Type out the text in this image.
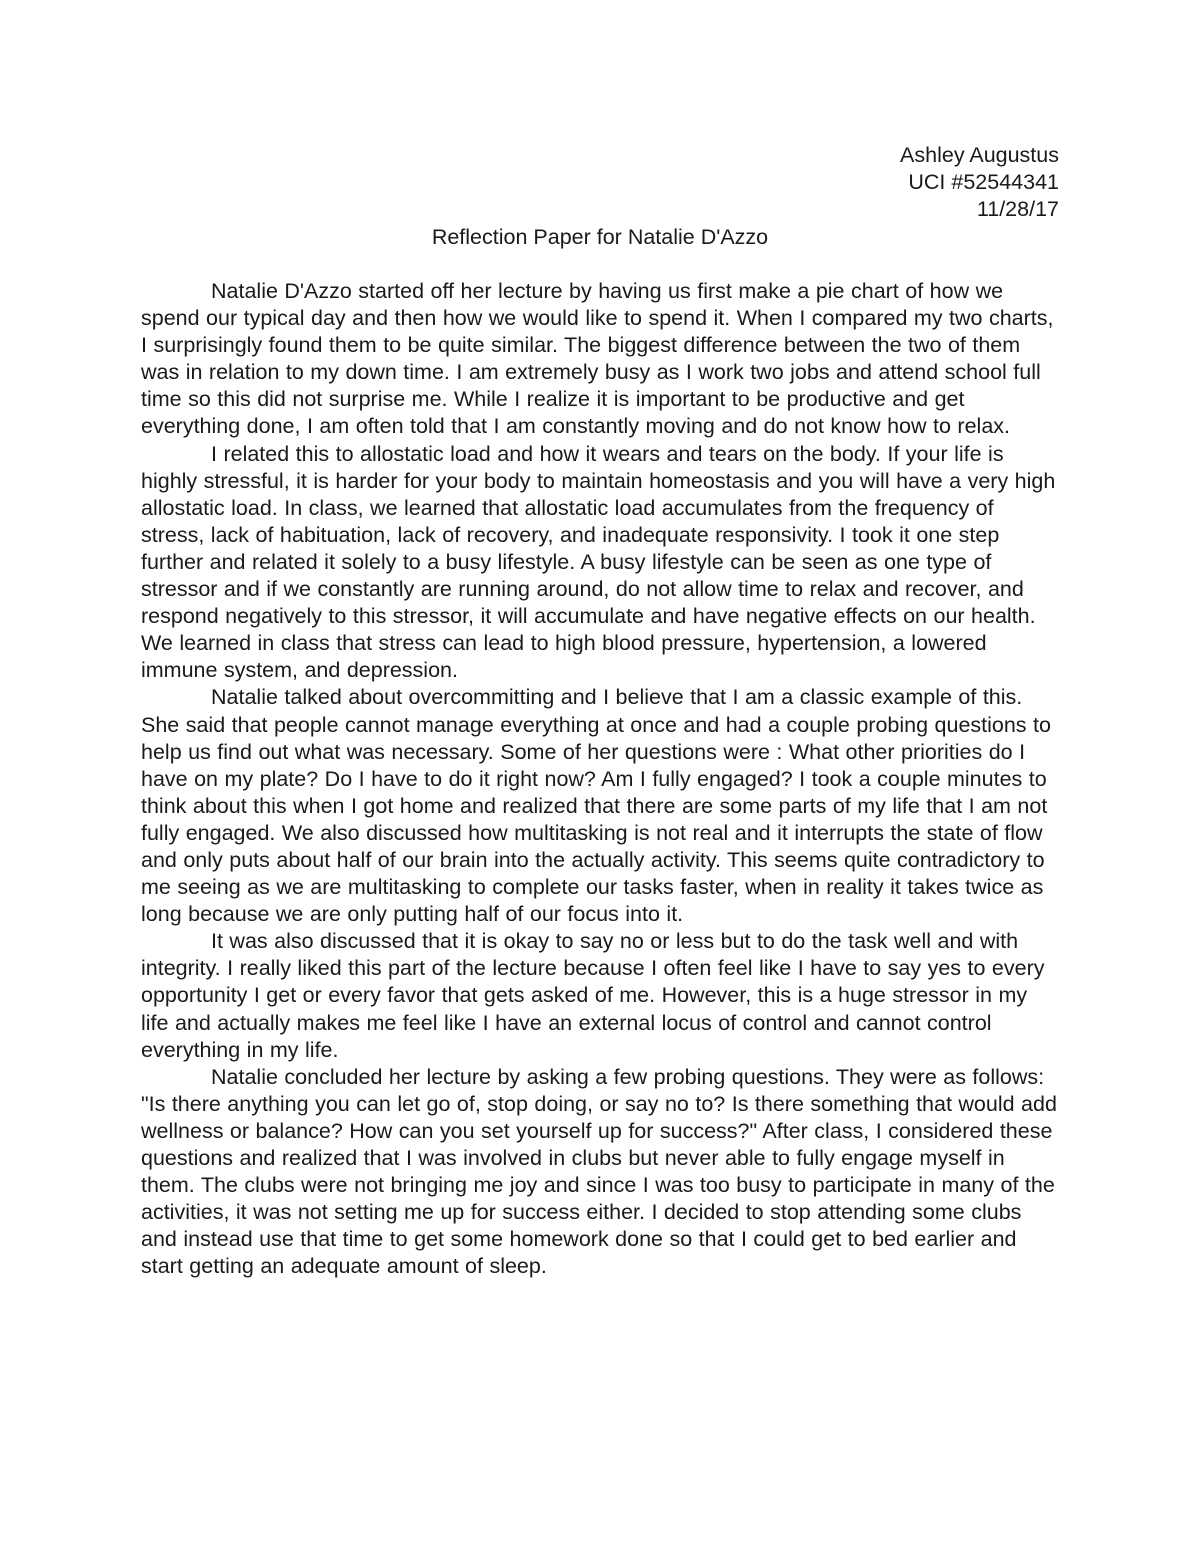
Ashley Augustus
UCI #52544341
11/28/17
Reflection Paper for Natalie D'Azzo

Natalie D'Azzo started off her lecture by having us first make a pie chart of how we spend our typical day and then how we would like to spend it. When I compared my two charts, I surprisingly found them to be quite similar. The biggest difference between the two of them was in relation to my down time. I am extremely busy as I work two jobs and attend school full time so this did not surprise me. While I realize it is important to be productive and get everything done, I am often told that I am constantly moving and do not know how to relax.

I related this to allostatic load and how it wears and tears on the body. If your life is highly stressful, it is harder for your body to maintain homeostasis and you will have a very high allostatic load. In class, we learned that allostatic load accumulates from the frequency of stress, lack of habituation, lack of recovery, and inadequate responsivity. I took it one step further and related it solely to a busy lifestyle. A busy lifestyle can be seen as one type of stressor and if we constantly are running around, do not allow time to relax and recover, and respond negatively to this stressor, it will accumulate and have negative effects on our health. We learned in class that stress can lead to high blood pressure, hypertension, a lowered immune system, and depression.

Natalie talked about overcommitting and I believe that I am a classic example of this. She said that people cannot manage everything at once and had a couple probing questions to help us find out what was necessary. Some of her questions were : What other priorities do I have on my plate? Do I have to do it right now? Am I fully engaged? I took a couple minutes to think about this when I got home and realized that there are some parts of my life that I am not fully engaged. We also discussed how multitasking is not real and it interrupts the state of flow and only puts about half of our brain into the actually activity. This seems quite contradictory to me seeing as we are multitasking to complete our tasks faster, when in reality it takes twice as long because we are only putting half of our focus into it.

It was also discussed that it is okay to say no or less but to do the task well and with integrity. I really liked this part of the lecture because I often feel like I have to say yes to every opportunity I get or every favor that gets asked of me. However, this is a huge stressor in my life and actually makes me feel like I have an external locus of control and cannot control everything in my life.

Natalie concluded her lecture by asking a few probing questions. They were as follows: "Is there anything you can let go of, stop doing, or say no to? Is there something that would add wellness or balance? How can you set yourself up for success?" After class, I considered these questions and realized that I was involved in clubs but never able to fully engage myself in them. The clubs were not bringing me joy and since I was too busy to participate in many of the activities, it was not setting me up for success either. I decided to stop attending some clubs and instead use that time to get some homework done so that I could get to bed earlier and start getting an adequate amount of sleep.
